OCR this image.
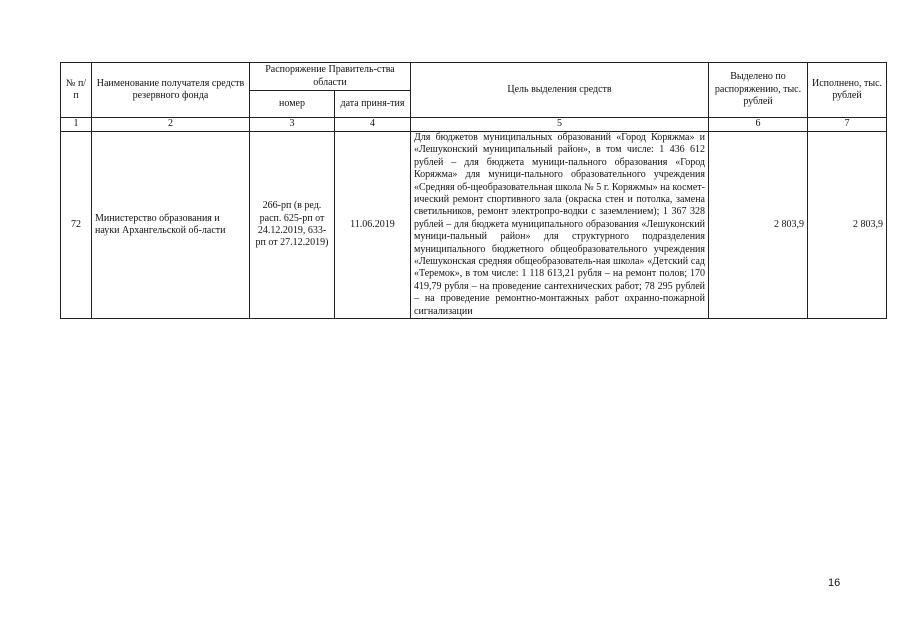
№ п/п	Наименование получателя средств резервного фонда	Распоряжение Правитель-ства области		Цель выделения средств	Выделено по распоряжению, тыс. рублей	Исполнено, тыс. рублей
		номер	дата приня-тия			
1	2	3	4	5	6	7
72	Министерство образования и науки Архангельской об-ласти	266-рп (в ред. расп. 625-рп от 24.12.2019, 633-рп от 27.12.2019)	11.06.2019	Для бюджетов муниципальных образований «Город Коряжма» и «Лешуконский муниципальный район», в том числе: 1 436 612 рублей – для бюджета муници-пального образования «Город Коряжма» для муници-пального образовательного учреждения «Средняя об-щеобразовательная школа № 5 г. Коряжмы» на космет-ический ремонт спортивного зала (окраска стен и потолка, замена светильников, ремонт электропро-водки с заземлением); 1 367 328 рублей – для бюджета муниципального образования «Лешуконский муници-пальный район» для структурного подразделения муниципального бюджетного общеобразовательного учреждения «Лешуконская средняя общеобразователь-ная школа» «Детский сад «Теремок», в том числе: 1 118 613,21 рубля – на ремонт полов; 170 419,79 рубля – на проведение сантехнических работ; 78 295 рублей – на проведение ремонтно-монтажных работ охранно-пожарной сигнализации	2 803,9	2 803,9
16
